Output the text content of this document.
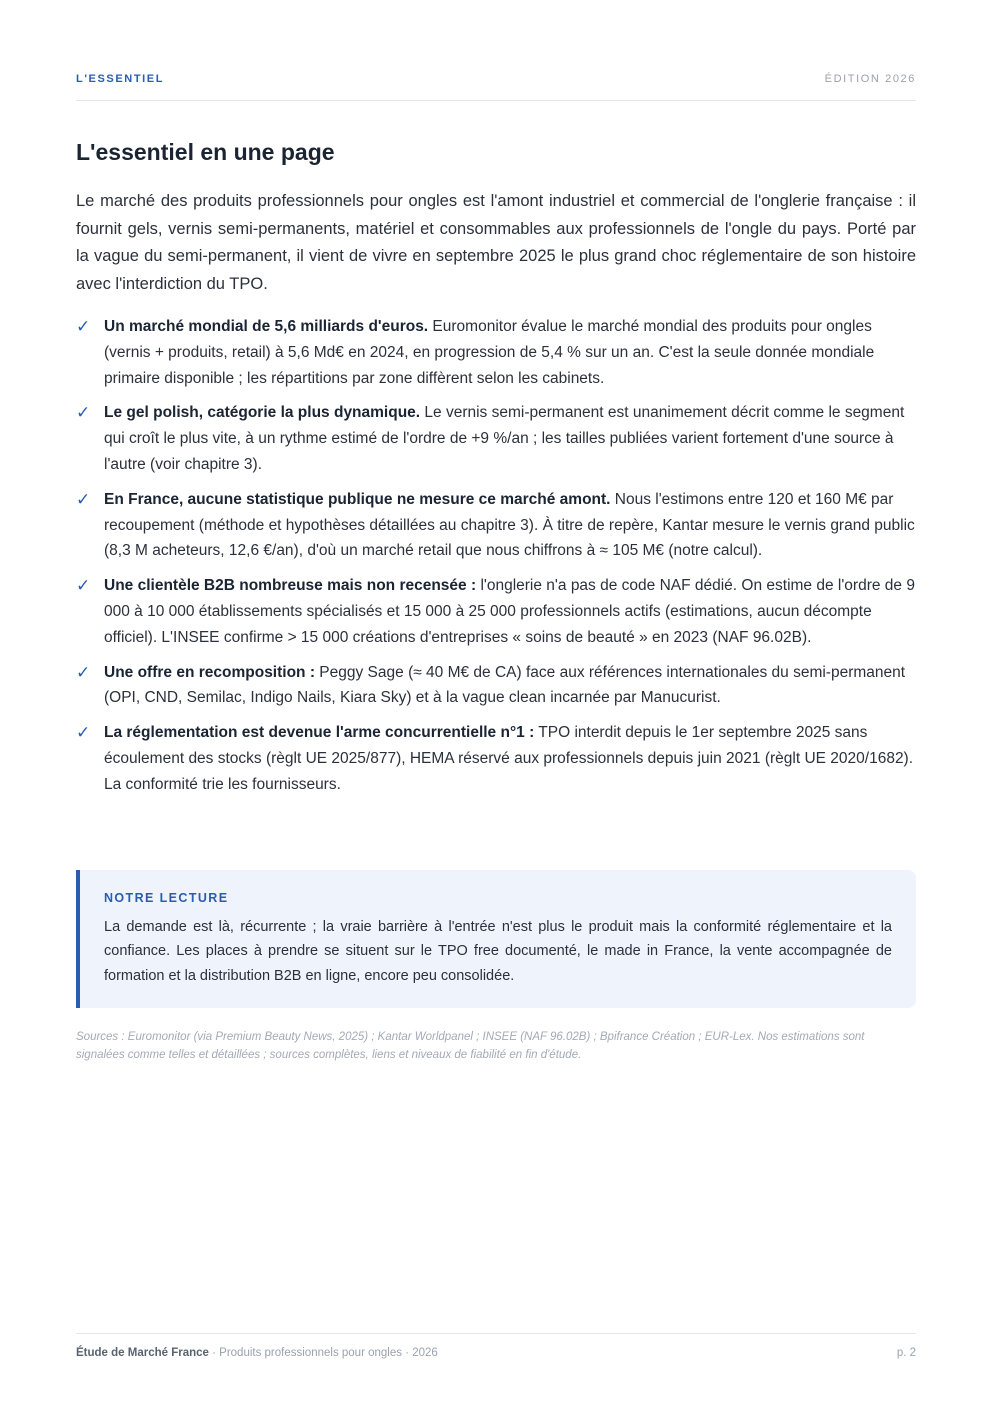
L'ESSENTIEL	ÉDITION 2026
L'essentiel en une page

Le marché des produits professionnels pour ongles est l'amont industriel et commercial de l'onglerie française : il fournit gels, vernis semi-permanents, matériel et consommables aux professionnels de l'ongle du pays. Porté par la vague du semi-permanent, il vient de vivre en septembre 2025 le plus grand choc réglementaire de son histoire avec l'interdiction du TPO.

✓ Un marché mondial de 5,6 milliards d'euros. Euromonitor évalue le marché mondial des produits pour ongles (vernis + produits, retail) à 5,6 Md€ en 2024, en progression de 5,4 % sur un an. C'est la seule donnée mondiale primaire disponible ; les répartitions par zone diffèrent selon les cabinets.
✓ Le gel polish, catégorie la plus dynamique. Le vernis semi-permanent est unanimement décrit comme le segment qui croît le plus vite, à un rythme estimé de l'ordre de +9 %/an ; les tailles publiées varient fortement d'une source à l'autre (voir chapitre 3).
✓ En France, aucune statistique publique ne mesure ce marché amont. Nous l'estimons entre 120 et 160 M€ par recoupement (méthode et hypothèses détaillées au chapitre 3). À titre de repère, Kantar mesure le vernis grand public (8,3 M acheteurs, 12,6 €/an), d'où un marché retail que nous chiffrons à ≈ 105 M€ (notre calcul).
✓ Une clientèle B2B nombreuse mais non recensée : l'onglerie n'a pas de code NAF dédié. On estime de l'ordre de 9 000 à 10 000 établissements spécialisés et 15 000 à 25 000 professionnels actifs (estimations, aucun décompte officiel). L'INSEE confirme > 15 000 créations d'entreprises « soins de beauté » en 2023 (NAF 96.02B).
✓ Une offre en recomposition : Peggy Sage (≈ 40 M€ de CA) face aux références internationales du semi-permanent (OPI, CND, Semilac, Indigo Nails, Kiara Sky) et à la vague clean incarnée par Manucurist.
✓ La réglementation est devenue l'arme concurrentielle n°1 : TPO interdit depuis le 1er septembre 2025 sans écoulement des stocks (règlt UE 2025/877), HEMA réservé aux professionnels depuis juin 2021 (règlt UE 2020/1682). La conformité trie les fournisseurs.
NOTRE LECTURE

La demande est là, récurrente ; la vraie barrière à l'entrée n'est plus le produit mais la conformité réglementaire et la confiance. Les places à prendre se situent sur le TPO free documenté, le made in France, la vente accompagnée de formation et la distribution B2B en ligne, encore peu consolidée.

Sources : Euromonitor (via Premium Beauty News, 2025) ; Kantar Worldpanel ; INSEE (NAF 96.02B) ; Bpifrance Création ; EUR-Lex. Nos estimations sont signalées comme telles et détaillées ; sources complètes, liens et niveaux de fiabilité en fin d'étude.

Étude de Marché France · Produits professionnels pour ongles · 2026	p. 2
